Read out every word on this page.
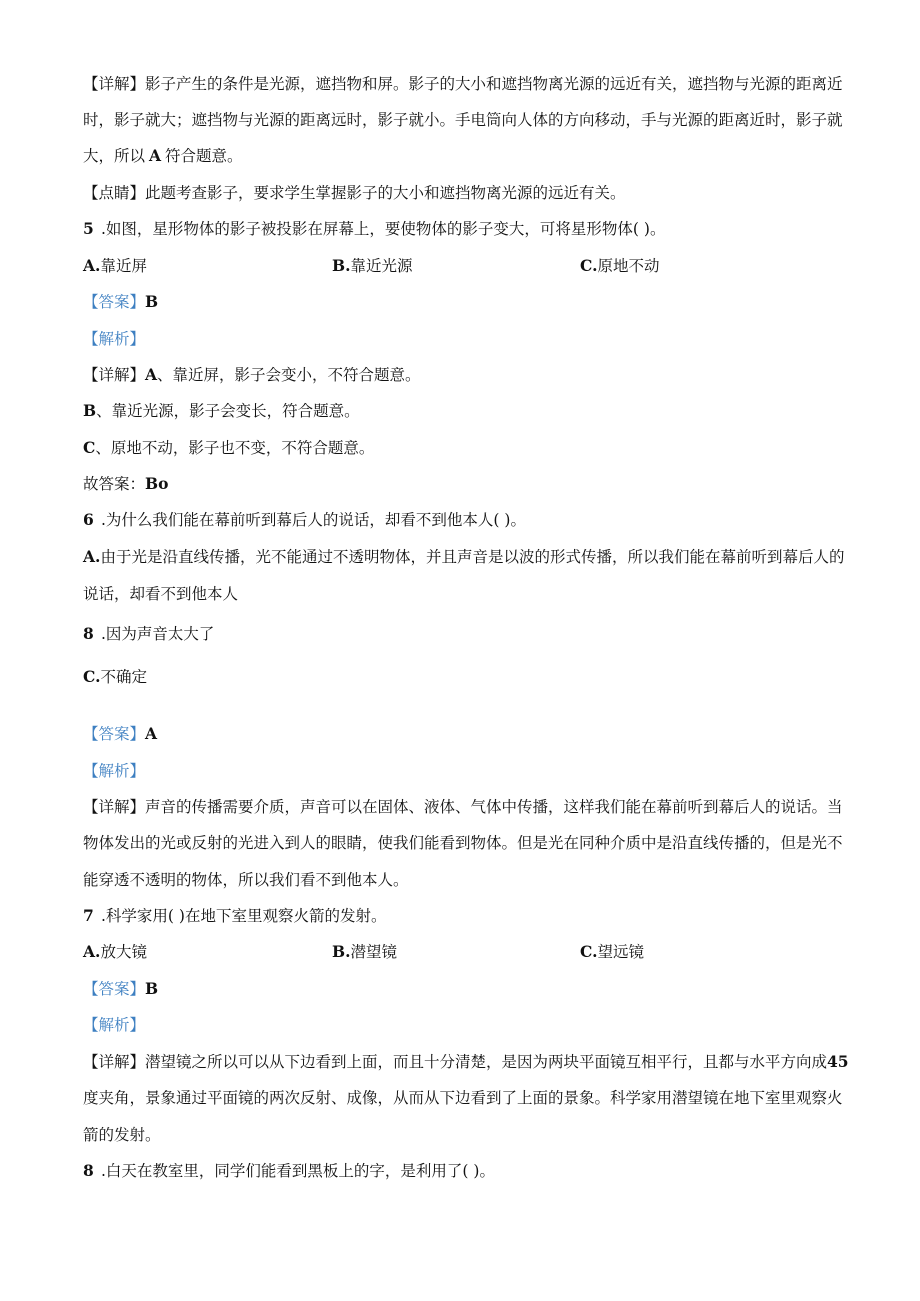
【详解】影子产生的条件是光源，遮挡物和屏。影子的大小和遮挡物离光源的远近有关，遮挡物与光源的距离近
时，影子就大；遮挡物与光源的距离远时，影子就小。手电筒向人体的方向移动，手与光源的距离近时，影子就
大，所以 A 符合题意。
【点睛】此题考查影子，要求学生掌握影子的大小和遮挡物离光源的远近有关。
5 .如图，星形物体的影子被投影在屏幕上，要使物体的影子变大，可将星形物体( )。
A.靠近屏	B.靠近光源	C.原地不动
【答案】B
【解析】
【详解】A、靠近屏，影子会变小，不符合题意。
B、靠近光源，影子会变长，符合题意。
C、原地不动，影子也不变，不符合题意。
故答案：Bo
6 .为什么我们能在幕前听到幕后人的说话，却看不到他本人( )。
A.由于光是沿直线传播，光不能通过不透明物体，并且声音是以波的形式传播，所以我们能在幕前听到幕后人的
说话，却看不到他本人
8 .因为声音太大了
C.不确定
【答案】A
【解析】
【详解】声音的传播需要介质，声音可以在固体、液体、气体中传播，这样我们能在幕前听到幕后人的说话。当
物体发出的光或反射的光进入到人的眼睛，使我们能看到物体。但是光在同种介质中是沿直线传播的，但是光不
能穿透不透明的物体，所以我们看不到他本人。
7 .科学家用( )在地下室里观察火箭的发射。
A.放大镜	B.潜望镜	C.望远镜
【答案】B
【解析】
【详解】潜望镜之所以可以从下边看到上面，而且十分清楚，是因为两块平面镜互相平行，且都与水平方向成45
度夹角，景象通过平面镜的两次反射、成像，从而从下边看到了上面的景象。科学家用潜望镜在地下室里观察火
箭的发射。
8 .白天在教室里，同学们能看到黑板上的字，是利用了( )。
